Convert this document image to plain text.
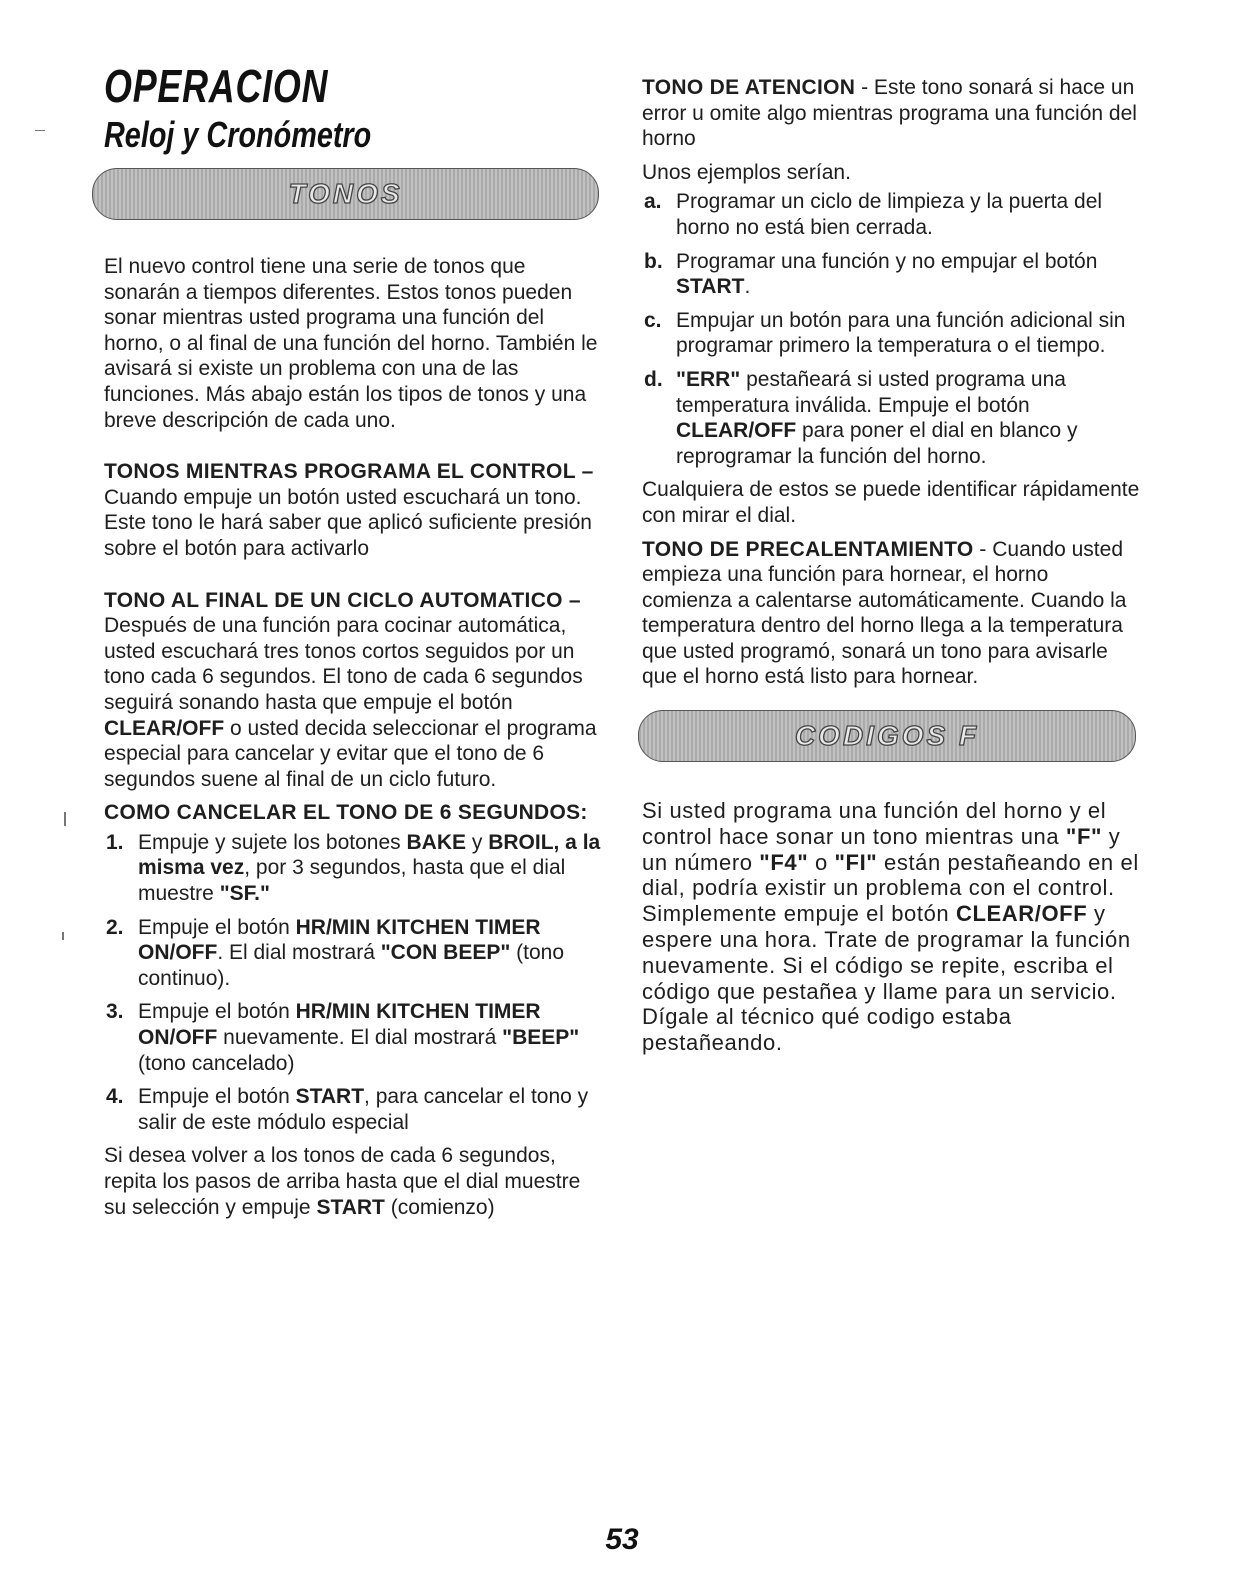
OPERACION
Reloj y Cronómetro
TONOS

El nuevo control tiene una serie de tonos que sonarán a tiempos diferentes. Estos tonos pueden sonar mientras usted programa una función del horno, o al final de una función del horno. También le avisará si existe un problema con una de las funciones. Más abajo están los tipos de tonos y una breve descripción de cada uno.

TONOS MIENTRAS PROGRAMA EL CONTROL – Cuando empuje un botón usted escuchará un tono. Este tono le hará saber que aplicó suficiente presión sobre el botón para activarlo

TONO AL FINAL DE UN CICLO AUTOMATICO – Después de una función para cocinar automática, usted escuchará tres tonos cortos seguidos por un tono cada 6 segundos. El tono de cada 6 segundos seguirá sonando hasta que empuje el botón CLEAR/OFF o usted decida seleccionar el programa especial para cancelar y evitar que el tono de 6 segundos suene al final de un ciclo futuro.

COMO CANCELAR EL TONO DE 6 SEGUNDOS:

1. Empuje y sujete los botones BAKE y BROIL, a la misma vez, por 3 segundos, hasta que el dial muestre "SF."
2. Empuje el botón HR/MIN KITCHEN TIMER ON/OFF. El dial mostrará "CON BEEP" (tono continuo).
3. Empuje el botón HR/MIN KITCHEN TIMER ON/OFF nuevamente. El dial mostrará "BEEP" (tono cancelado)
4. Empuje el botón START, para cancelar el tono y salir de este módulo especial

Si desea volver a los tonos de cada 6 segundos, repita los pasos de arriba hasta que el dial muestre su selección y empuje START (comienzo)

TONO DE ATENCION - Este tono sonará si hace un error u omite algo mientras programa una función del horno

Unos ejemplos serían.

a. Programar un ciclo de limpieza y la puerta del horno no está bien cerrada.
b. Programar una función y no empujar el botón START.
c. Empujar un botón para una función adicional sin programar primero la temperatura o el tiempo.
d. "ERR" pestañeará si usted programa una temperatura inválida. Empuje el botón CLEAR/OFF para poner el dial en blanco y reprogramar la función del horno.

Cualquiera de estos se puede identificar rápidamente con mirar el dial.

TONO DE PRECALENTAMIENTO - Cuando usted empieza una función para hornear, el horno comienza a calentarse automáticamente. Cuando la temperatura dentro del horno llega a la temperatura que usted programó, sonará un tono para avisarle que el horno está listo para hornear.

CODIGOS F

Si usted programa una función del horno y el control hace sonar un tono mientras una "F" y un número "F4" o "FI" están pestañeando en el dial, podría existir un problema con el control. Simplemente empuje el botón CLEAR/OFF y espere una hora. Trate de programar la función nuevamente. Si el código se repite, escriba el código que pestañea y llame para un servicio. Dígale al técnico qué codigo estaba pestañeando.

53
